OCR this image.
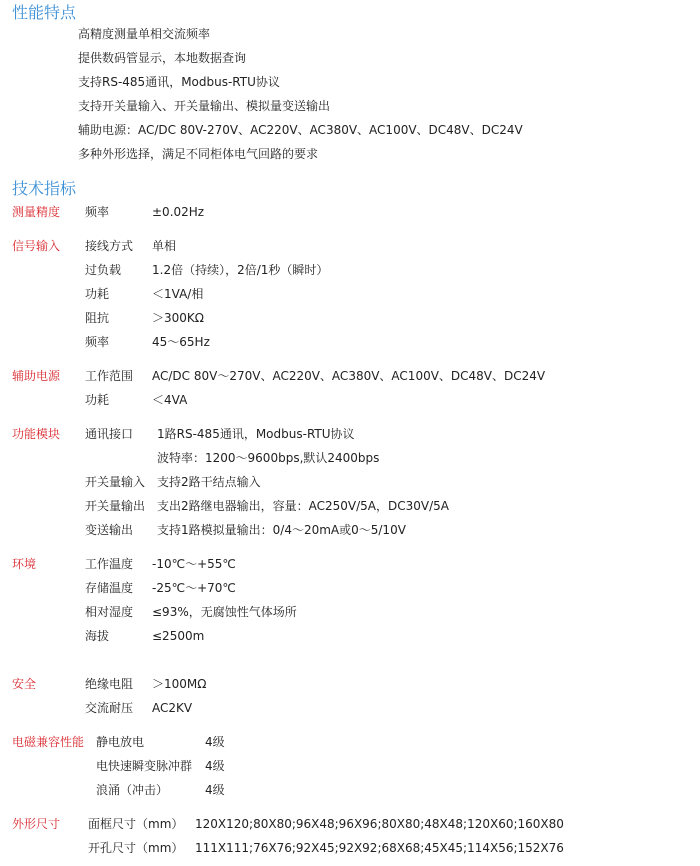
性能特点
高精度测量单相交流频率
提供数码管显示，本地数据查询
支持RS-485通讯，Modbus-RTU协议
支持开关量输入、开关量输出、模拟量变送输出
辅助电源：AC/DC 80V-270V、AC220V、AC380V、AC100V、DC48V、DC24V
多种外形选择，满足不同柜体电气回路的要求
技术指标
测量精度 频率	±0.02Hz
信号输入 接线方式 单相
过负载	1.2倍（持续），2倍/1秒（瞬时）
功耗	＜1VA/相
阻抗	＞300KΩ
频率	45～65Hz
辅助电源 工作范围 AC/DC 80V～270V、AC220V、AC380V、AC100V、DC48V、DC24V
功耗	＜4VA
功能模块 通讯接口 1路RS-485通讯，Modbus-RTU协议
波特率：1200～9600bps,默认2400bps
开关量输入 支持2路干结点输入
开关量输出 支出2路继电器输出，容量：AC250V/5A，DC30V/5A
变送输出 支持1路模拟量输出：0/4～20mA或0～5/10V
环境	工作温度 -10℃～+55℃
存储温度 -25℃～+70℃
相对湿度 ≤93%，无腐蚀性气体场所
海拔	≤2500m
安全	绝缘电阻 ＞100MΩ
交流耐压 AC2KV
电磁兼容性能 静电放电	4级
电快速瞬变脉冲群 4级
浪涌（冲击）	4级
外形尺寸 面框尺寸（mm） 120X120;80X80;96X48;96X96;80X80;48X48;120X60;160X80
开孔尺寸（mm） 111X111;76X76;92X45;92X92;68X68;45X45;114X56;152X76
